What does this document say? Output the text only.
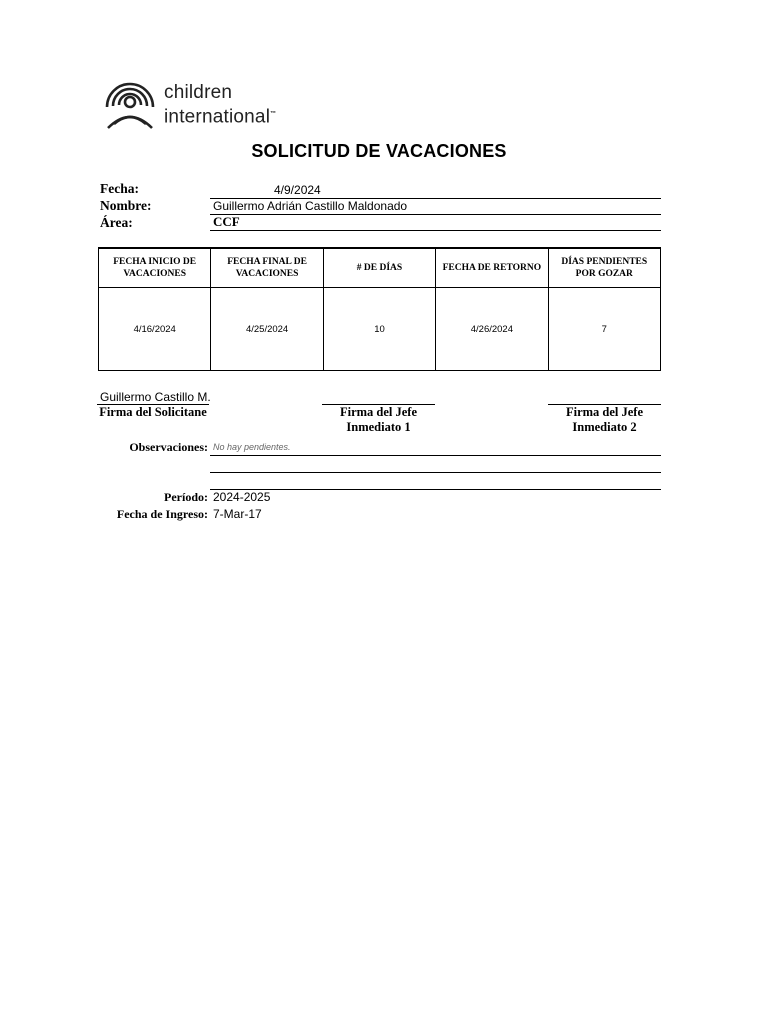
children
international™
SOLICITUD DE VACACIONES
Fecha:	4/9/2024
Nombre:	Guillermo Adrián Castillo Maldonado
Área:	CCF
FECHA INICIO DE VACACIONES	FECHA FINAL DE VACACIONES	# DE DÍAS	FECHA DE RETORNO	DÍAS PENDIENTES POR GOZAR
4/16/2024	4/25/2024	10	4/26/2024	7
Guillermo Castillo M.
Firma del Solicitane	Firma del Jefe Inmediato 1
Firma del Jefe Inmediato 2
Observaciones: No hay pendientes.
Período: 2024-2025
Fecha de Ingreso: 7-Mar-17
